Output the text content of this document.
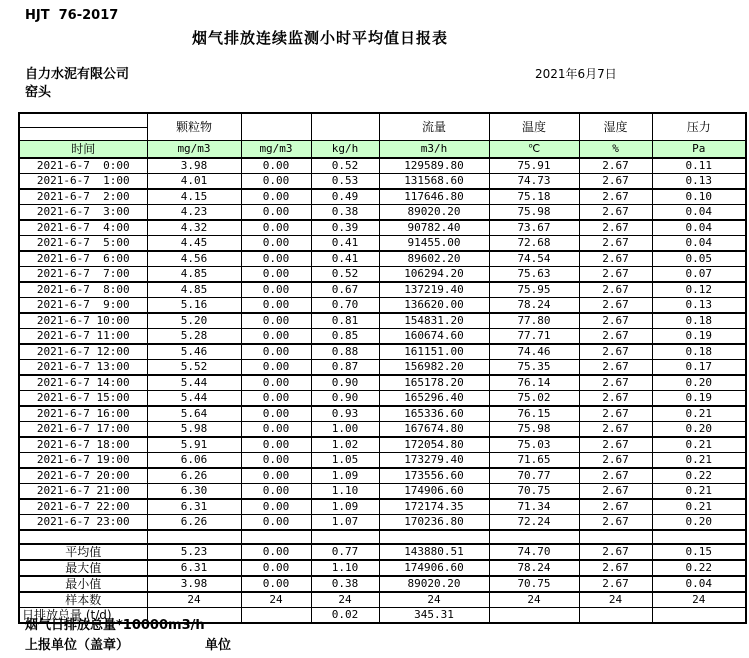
HJT  76-2017
烟气排放连续监测小时平均值日报表
自力水泥有限公司
窑头
2021年6月7日
	颗粒物			流量	温度	湿度	压力

时间	mg/m3	mg/m3	kg/h	m3/h	℃	%	Pa
2021-6-7  0:00	3.98	0.00	0.52	129589.80	75.91	2.67	0.11
2021-6-7  1:00	4.01	0.00	0.53	131568.60	74.73	2.67	0.13
2021-6-7  2:00	4.15	0.00	0.49	117646.80	75.18	2.67	0.10
2021-6-7  3:00	4.23	0.00	0.38	89020.20	75.98	2.67	0.04
2021-6-7  4:00	4.32	0.00	0.39	90782.40	73.67	2.67	0.04
2021-6-7  5:00	4.45	0.00	0.41	91455.00	72.68	2.67	0.04
2021-6-7  6:00	4.56	0.00	0.41	89602.20	74.54	2.67	0.05
2021-6-7  7:00	4.85	0.00	0.52	106294.20	75.63	2.67	0.07
2021-6-7  8:00	4.85	0.00	0.67	137219.40	75.95	2.67	0.12
2021-6-7  9:00	5.16	0.00	0.70	136620.00	78.24	2.67	0.13
2021-6-7 10:00	5.20	0.00	0.81	154831.20	77.80	2.67	0.18
2021-6-7 11:00	5.28	0.00	0.85	160674.60	77.71	2.67	0.19
2021-6-7 12:00	5.46	0.00	0.88	161151.00	74.46	2.67	0.18
2021-6-7 13:00	5.52	0.00	0.87	156982.20	75.35	2.67	0.17
2021-6-7 14:00	5.44	0.00	0.90	165178.20	76.14	2.67	0.20
2021-6-7 15:00	5.44	0.00	0.90	165296.40	75.02	2.67	0.19
2021-6-7 16:00	5.64	0.00	0.93	165336.60	76.15	2.67	0.21
2021-6-7 17:00	5.98	0.00	1.00	167674.80	75.98	2.67	0.20
2021-6-7 18:00	5.91	0.00	1.02	172054.80	75.03	2.67	0.21
2021-6-7 19:00	6.06	0.00	1.05	173279.40	71.65	2.67	0.21
2021-6-7 20:00	6.26	0.00	1.09	173556.60	70.77	2.67	0.22
2021-6-7 21:00	6.30	0.00	1.10	174906.60	70.75	2.67	0.21
2021-6-7 22:00	6.31	0.00	1.09	172174.35	71.34	2.67	0.21
2021-6-7 23:00	6.26	0.00	1.07	170236.80	72.24	2.67	0.20

平均值	5.23	0.00	0.77	143880.51	74.70	2.67	0.15
最大值	6.31	0.00	1.10	174906.60	78.24	2.67	0.22
最小值	3.98	0.00	0.38	89020.20	70.75	2.67	0.04
样本数	24	24	24	24	24	24	24
日排放总量 (t/d)			0.02	345.31			
烟气日排放总量*10000m3/h
上报单位（盖章）	单位
